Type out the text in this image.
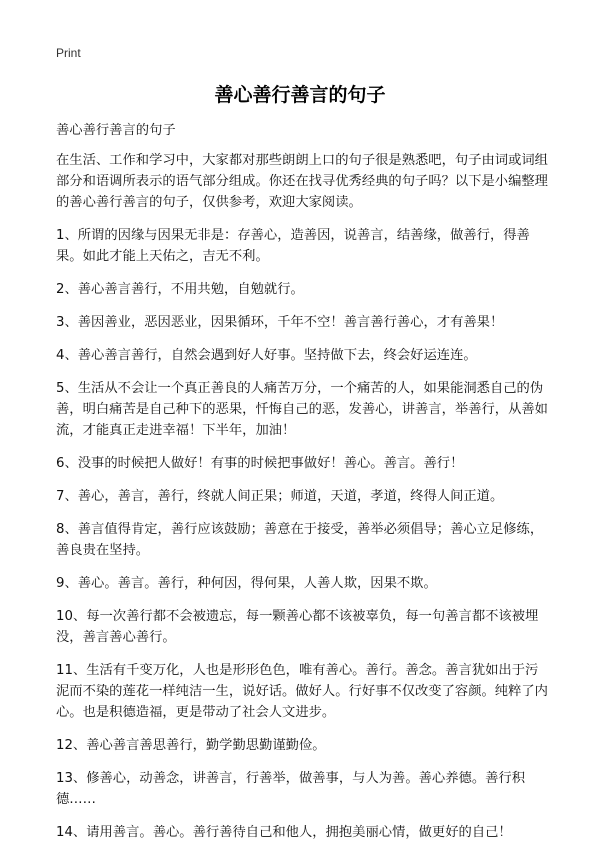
Print
善心善行善言的句子
善心善行善言的句子
在生活、工作和学习中，大家都对那些朗朗上口的句子很是熟悉吧，句子由词或词组部分和语调所表示的语气部分组成。你还在找寻优秀经典的句子吗？以下是小编整理的善心善行善言的句子，仅供参考，欢迎大家阅读。
1、所谓的因缘与因果无非是：存善心，造善因，说善言，结善缘，做善行，得善果。如此才能上天佑之，吉无不利。
2、善心善言善行，不用共勉，自勉就行。
3、善因善业，恶因恶业，因果循环，千年不空！善言善行善心，才有善果！
4、善心善言善行，自然会遇到好人好事。坚持做下去，终会好运连连。
5、生活从不会让一个真正善良的人痛苦万分，一个痛苦的人，如果能洞悉自己的伪善，明白痛苦是自己种下的恶果，忏悔自己的恶，发善心，讲善言，举善行，从善如流，才能真正走进幸福！下半年，加油！
6、没事的时候把人做好！有事的时候把事做好！善心。善言。善行！
7、善心，善言，善行，终就人间正果；师道，天道，孝道，终得人间正道。
8、善言值得肯定，善行应该鼓励；善意在于接受，善举必须倡导；善心立足修练，善良贵在坚持。
9、善心。善言。善行，种何因，得何果，人善人欺，因果不欺。
10、每一次善行都不会被遗忘，每一颗善心都不该被辜负，每一句善言都不该被埋没，善言善心善行。
11、生活有千变万化，人也是形形色色，唯有善心。善行。善念。善言犹如出于污泥而不染的莲花一样纯洁一生，说好话。做好人。行好事不仅改变了容颜。纯粹了内心。也是积德造福，更是带动了社会人文进步。
12、善心善言善思善行，勤学勤思勤谨勤俭。
13、修善心，动善念，讲善言，行善举，做善事，与人为善。善心养德。善行积德……
14、请用善言。善心。善行善待自己和他人，拥抱美丽心情，做更好的自己！
